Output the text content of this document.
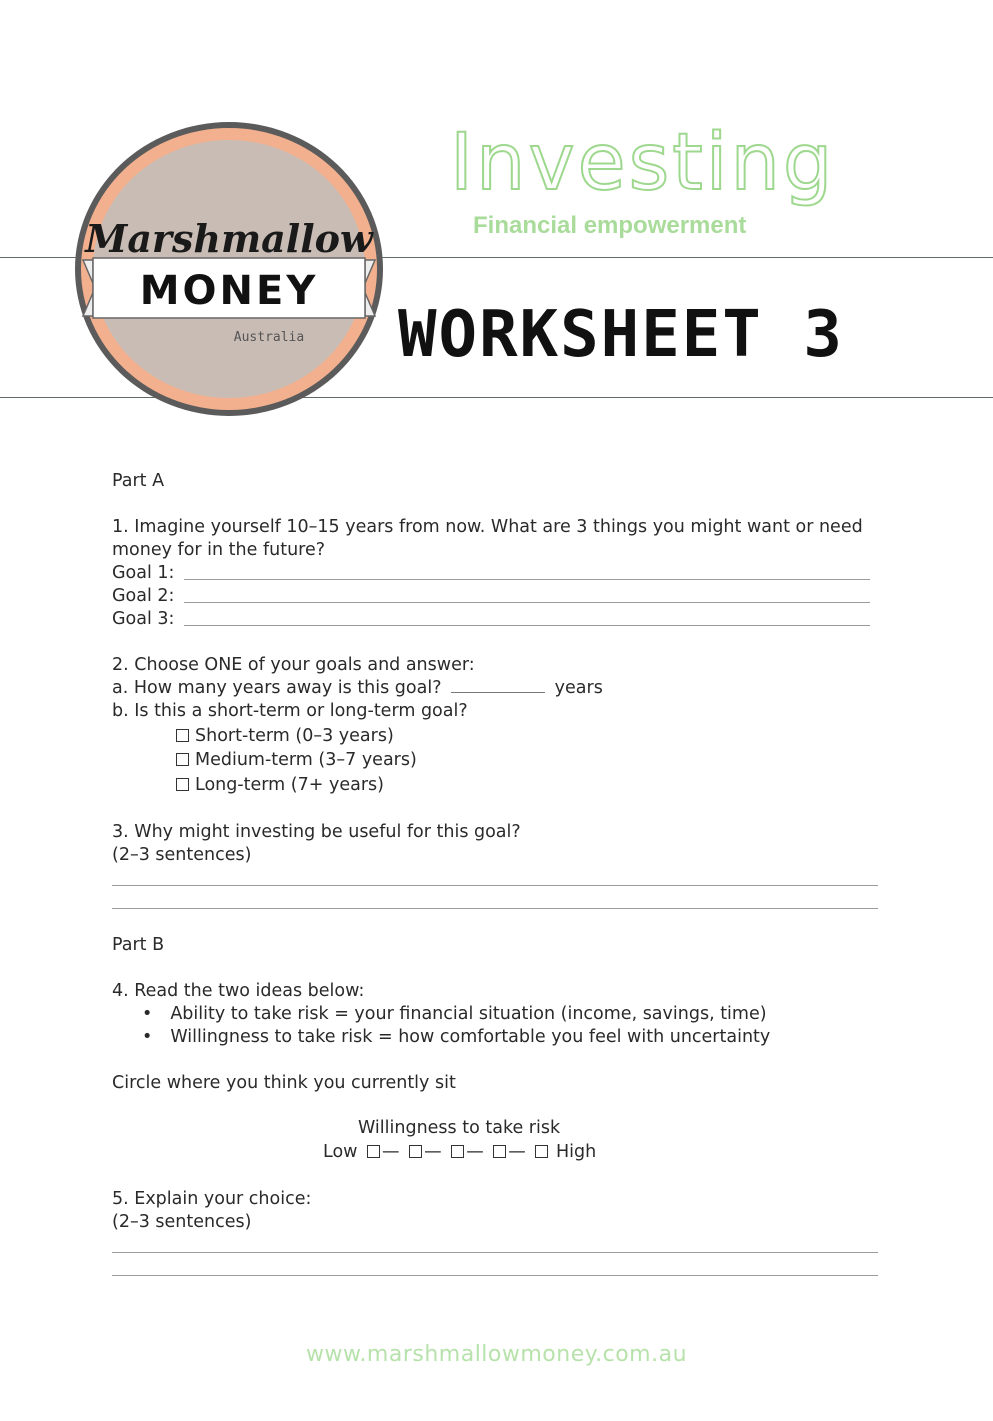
Marshmallow
MONEY
Australia
Investing
Financial empowerment
WORKSHEET 3
Part A
1. Imagine yourself 10–15 years from now. What are 3 things you might want or need
money for in the future?
Goal 1:
Goal 2:
Goal 3:
2. Choose ONE of your goals and answer:
a. How many years away is this goal?	years
b. Is this a short-term or long-term goal?
Short-term (0–3 years)
Medium-term (3–7 years)
Long-term (7+ years)
3. Why might investing be useful for this goal?
(2–3 sentences)
Part B
4. Read the two ideas below:
• Ability to take risk = your financial situation (income, savings, time)
• Willingness to take risk = how comfortable you feel with uncertainty
Circle where you think you currently sit
Willingness to take risk
Low — — — —  High
5. Explain your choice:
(2–3 sentences)
www.marshmallowmoney.com.au
